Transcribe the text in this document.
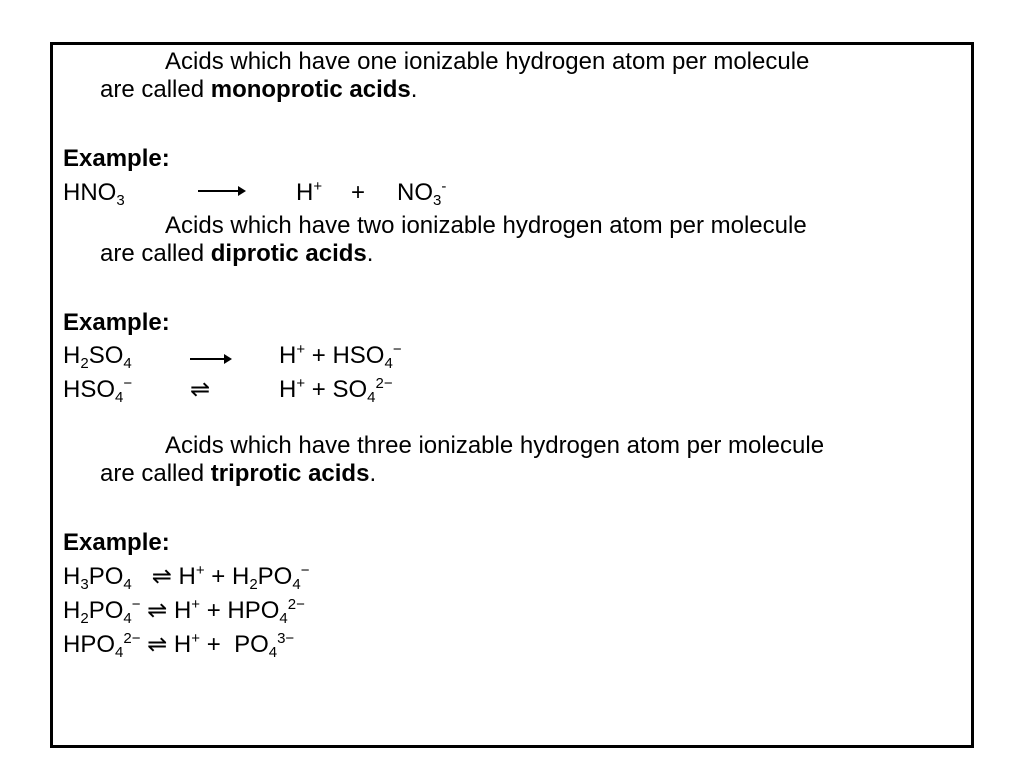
Acids which have one ionizable hydrogen atom per molecule
are called monoprotic acids.
Example:
$HNO_3$	$H^+ + NO_3^-$
Acids which have two ionizable hydrogen atom per molecule
are called diprotic acids.
Example:
$H_2SO_4$	$H^+ + HSO_4^-$
$HSO_4^-$ ⇌	$H^+ + SO_4^{2-}$
Acids which have three ionizable hydrogen atom per molecule
are called triprotic acids.
Example:
$H_3PO_4$ ⇌ $H^+ + H_2PO_4^-$
$H_2PO_4^-$ ⇌ $H^+ + HPO_4^{2-}$
$HPO_4^{2-}$ ⇌ $H^+ + PO_4^{3-}$
